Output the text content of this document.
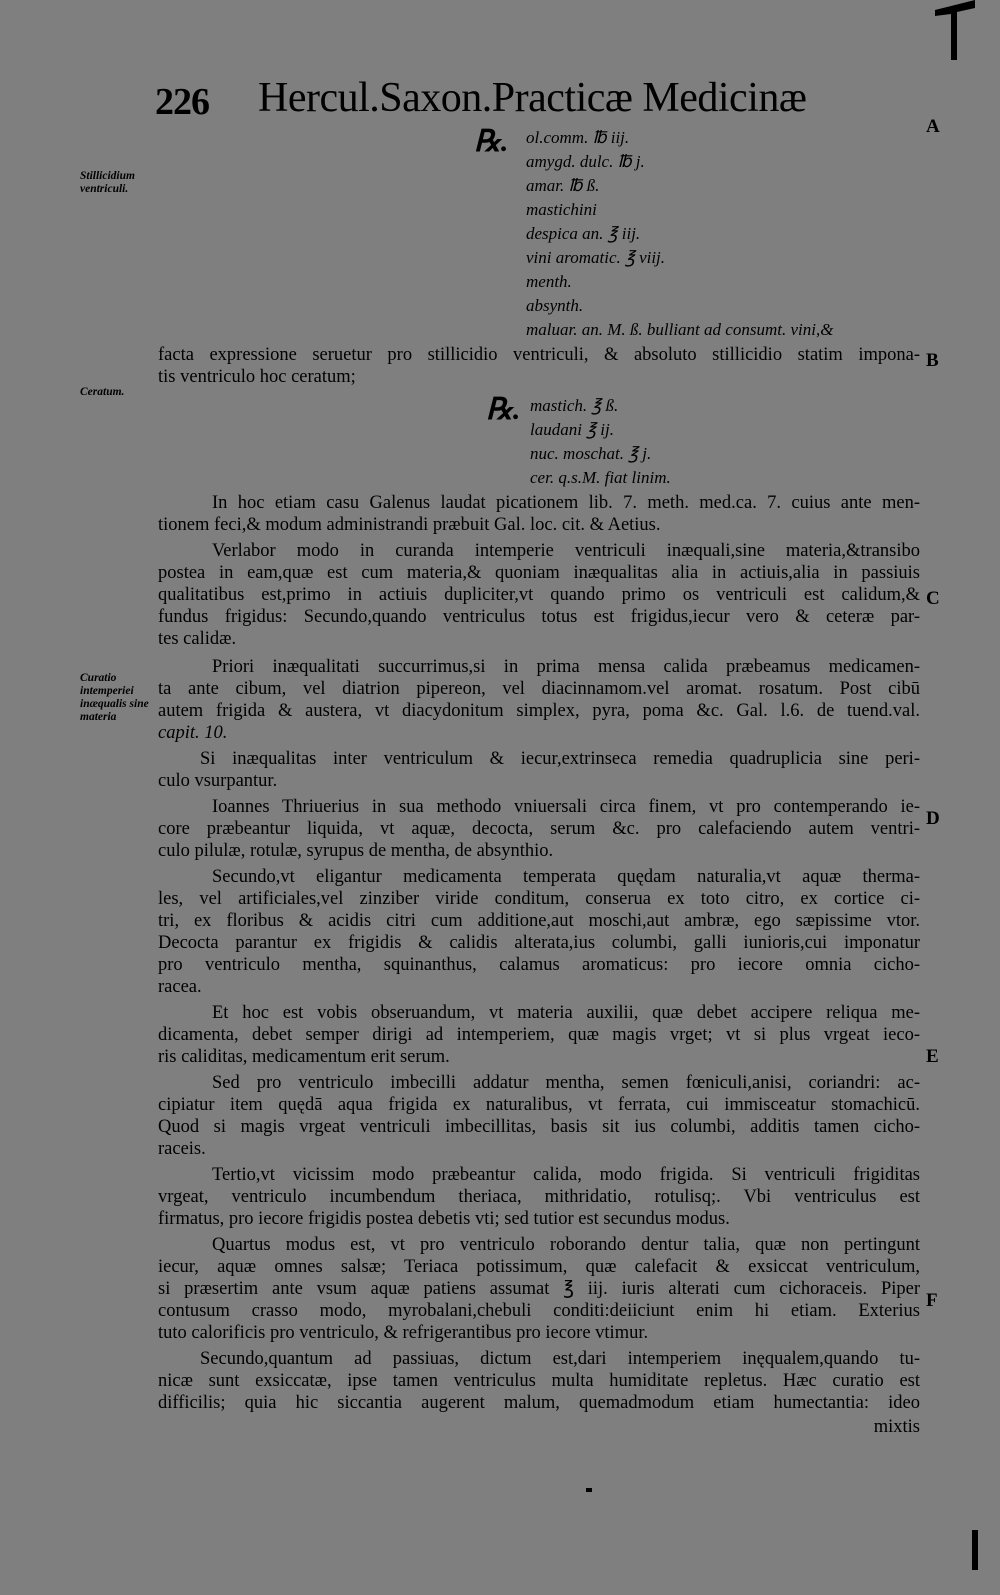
226 Hercul.Saxon.Practicæ Medicinæ
A
B
C
D
E
F
Stillicidium ventriculi.
Ceratum.
Curatio intemperiei inæqualis sine materia
℞. ol.comm. ℔ iij.
amygd. dulc. ℔ j.
amar. ℔ ß.
mastichini
despica an. ℥ iij.
vini aromatic. ℥ viij.
menth.
absynth.
maluar. an. M. ß. bulliant ad consumt. vini,&
facta expressione seruetur pro stillicidio ventriculi, & absoluto stillicidio statim impona-
tis ventriculo hoc ceratum;
℞. mastich. ℥ ß.
laudani ℥ ij.
nuc. moschat. ℥ j.
cer. q.s.M. fiat linim.
In hoc etiam casu Galenus laudat picationem lib. 7. meth. med.ca. 7. cuius ante men-
tionem feci,& modum administrandi præbuit Gal. loc. cit. & Aetius.
Verlabor modo in curanda intemperie ventriculi inæquali,sine materia,&transibo
postea in eam,quæ est cum materia,& quoniam inæqualitas alia in actiuis,alia in passiuis
qualitatibus est,primo in actiuis dupliciter,vt quando primo os ventriculi est calidum,&
fundus frigidus: Secundo,quando ventriculus totus est frigidus,iecur vero & ceteræ par-
tes calidæ.
Priori inæqualitati succurrimus,si in prima mensa calida præbeamus medicamen-
ta ante cibum, vel diatrion pipereon, vel diacinnamom.vel aromat. rosatum. Post cibū
autem frigida & austera, vt diacydonitum simplex, pyra, poma &c. Gal. l.6. de tuend.val.
capit. 10.
Si inæqualitas inter ventriculum & iecur,extrinseca remedia quadruplicia sine peri-
culo vsurpantur.
Ioannes Thriuerius in sua methodo vniuersali circa finem, vt pro contemperando ie-
core præbeantur liquida, vt aquæ, decocta, serum &c. pro calefaciendo autem ventri-
culo pilulæ, rotulæ, syrupus de mentha, de absynthio.
Secundo,vt eligantur medicamenta temperata quędam naturalia,vt aquæ therma-
les, vel artificiales,vel zinziber viride conditum, conserua ex toto citro, ex cortice ci-
tri, ex floribus & acidis citri cum additione,aut moschi,aut ambræ, ego sæpissime vtor.
Decocta parantur ex frigidis & calidis alterata,ius columbi, galli iunioris,cui imponatur
pro ventriculo mentha, squinanthus, calamus aromaticus: pro iecore omnia cicho-
racea.
Et hoc est vobis obseruandum, vt materia auxilii, quæ debet accipere reliqua me-
dicamenta, debet semper dirigi ad intemperiem, quæ magis vrget; vt si plus vrgeat ieco-
ris caliditas, medicamentum erit serum.
Sed pro ventriculo imbecilli addatur mentha, semen fœniculi,anisi, coriandri: ac-
cipiatur item quędā aqua frigida ex naturalibus, vt ferrata, cui immisceatur stomachicū.
Quod si magis vrgeat ventriculi imbecillitas, basis sit ius columbi, additis tamen cicho-
raceis.
Tertio,vt vicissim modo præbeantur calida, modo frigida. Si ventriculi frigiditas
vrgeat, ventriculo incumbendum theriaca, mithridatio, rotulisq;. Vbi ventriculus est
firmatus, pro iecore frigidis postea debetis vti; sed tutior est secundus modus.
Quartus modus est, vt pro ventriculo roborando dentur talia, quæ non pertingunt
iecur, aquæ omnes salsæ; Teriaca potissimum, quæ calefacit & exsiccat ventriculum,
si præsertim ante vsum aquæ patiens assumat ℥ iij. iuris alterati cum cichoraceis. Piper
contusum crasso modo, myrobalani,chebuli conditi:deiiciunt enim hi etiam. Exterius
tuto calorificis pro ventriculo, & refrigerantibus pro iecore vtimur.
Secundo,quantum ad passiuas, dictum est,dari intemperiem inęqualem,quando tu-
nicæ sunt exsiccatæ, ipse tamen ventriculus multa humiditate repletus. Hæc curatio est
difficilis; quia hic siccantia augerent malum, quemadmodum etiam humectantia: ideo
mixtis
